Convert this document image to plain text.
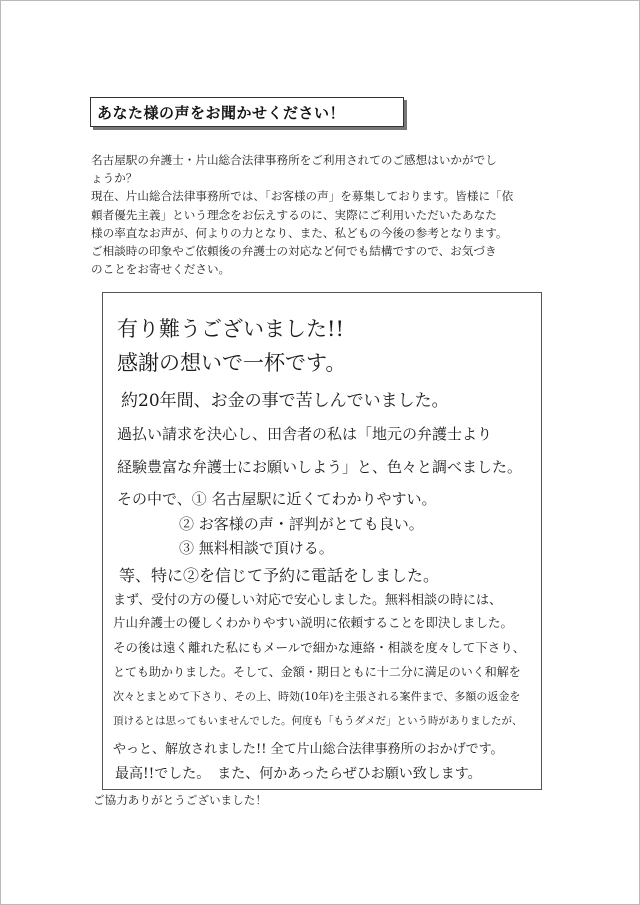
あなた様の声をお聞かせください！
名古屋駅の弁護士・片山総合法律事務所をご利用されてのご感想はいかがでし
ょうか？
現在、片山総合法律事務所では、「お客様の声」を募集しております。皆様に「依
頼者優先主義」という理念をお伝えするのに、実際にご利用いただいたあなた
様の率直なお声が、何よりの力となり、また、私どもの今後の参考となります。
ご相談時の印象やご依頼後の弁護士の対応など何でも結構ですので、お気づき
のことをお寄せください。
有り難うございました!!
感謝の想いで一杯です。
約20年間、お金の事で苦しんでいました。
過払い請求を決心し、田舎者の私は「地元の弁護士より
経験豊富な弁護士にお願いしよう」と、色々と調べました。
その中で、① 名古屋駅に近くてわかりやすい。
② お客様の声・評判がとても良い。
③ 無料相談で頂ける。
等、特に②を信じて予約に電話をしました。
まず、受付の方の優しい対応で安心しました。無料相談の時には、
片山弁護士の優しくわかりやすい説明に依頼することを即決しました。
その後は遠く離れた私にもメールで細かな連絡・相談を度々して下さり、
とても助かりました。そして、金額・期日ともに十二分に満足のいく和解を
次々とまとめて下さり、その上、時効(10年)を主張される案件まで、多額の返金を
頂けるとは思ってもいませんでした。何度も「もうダメだ」という時がありましたが、
やっと、解放されました!! 全て片山総合法律事務所のおかげです。
最高!!でした。　また、何かあったらぜひお願い致します。
ご協力ありがとうございました！
